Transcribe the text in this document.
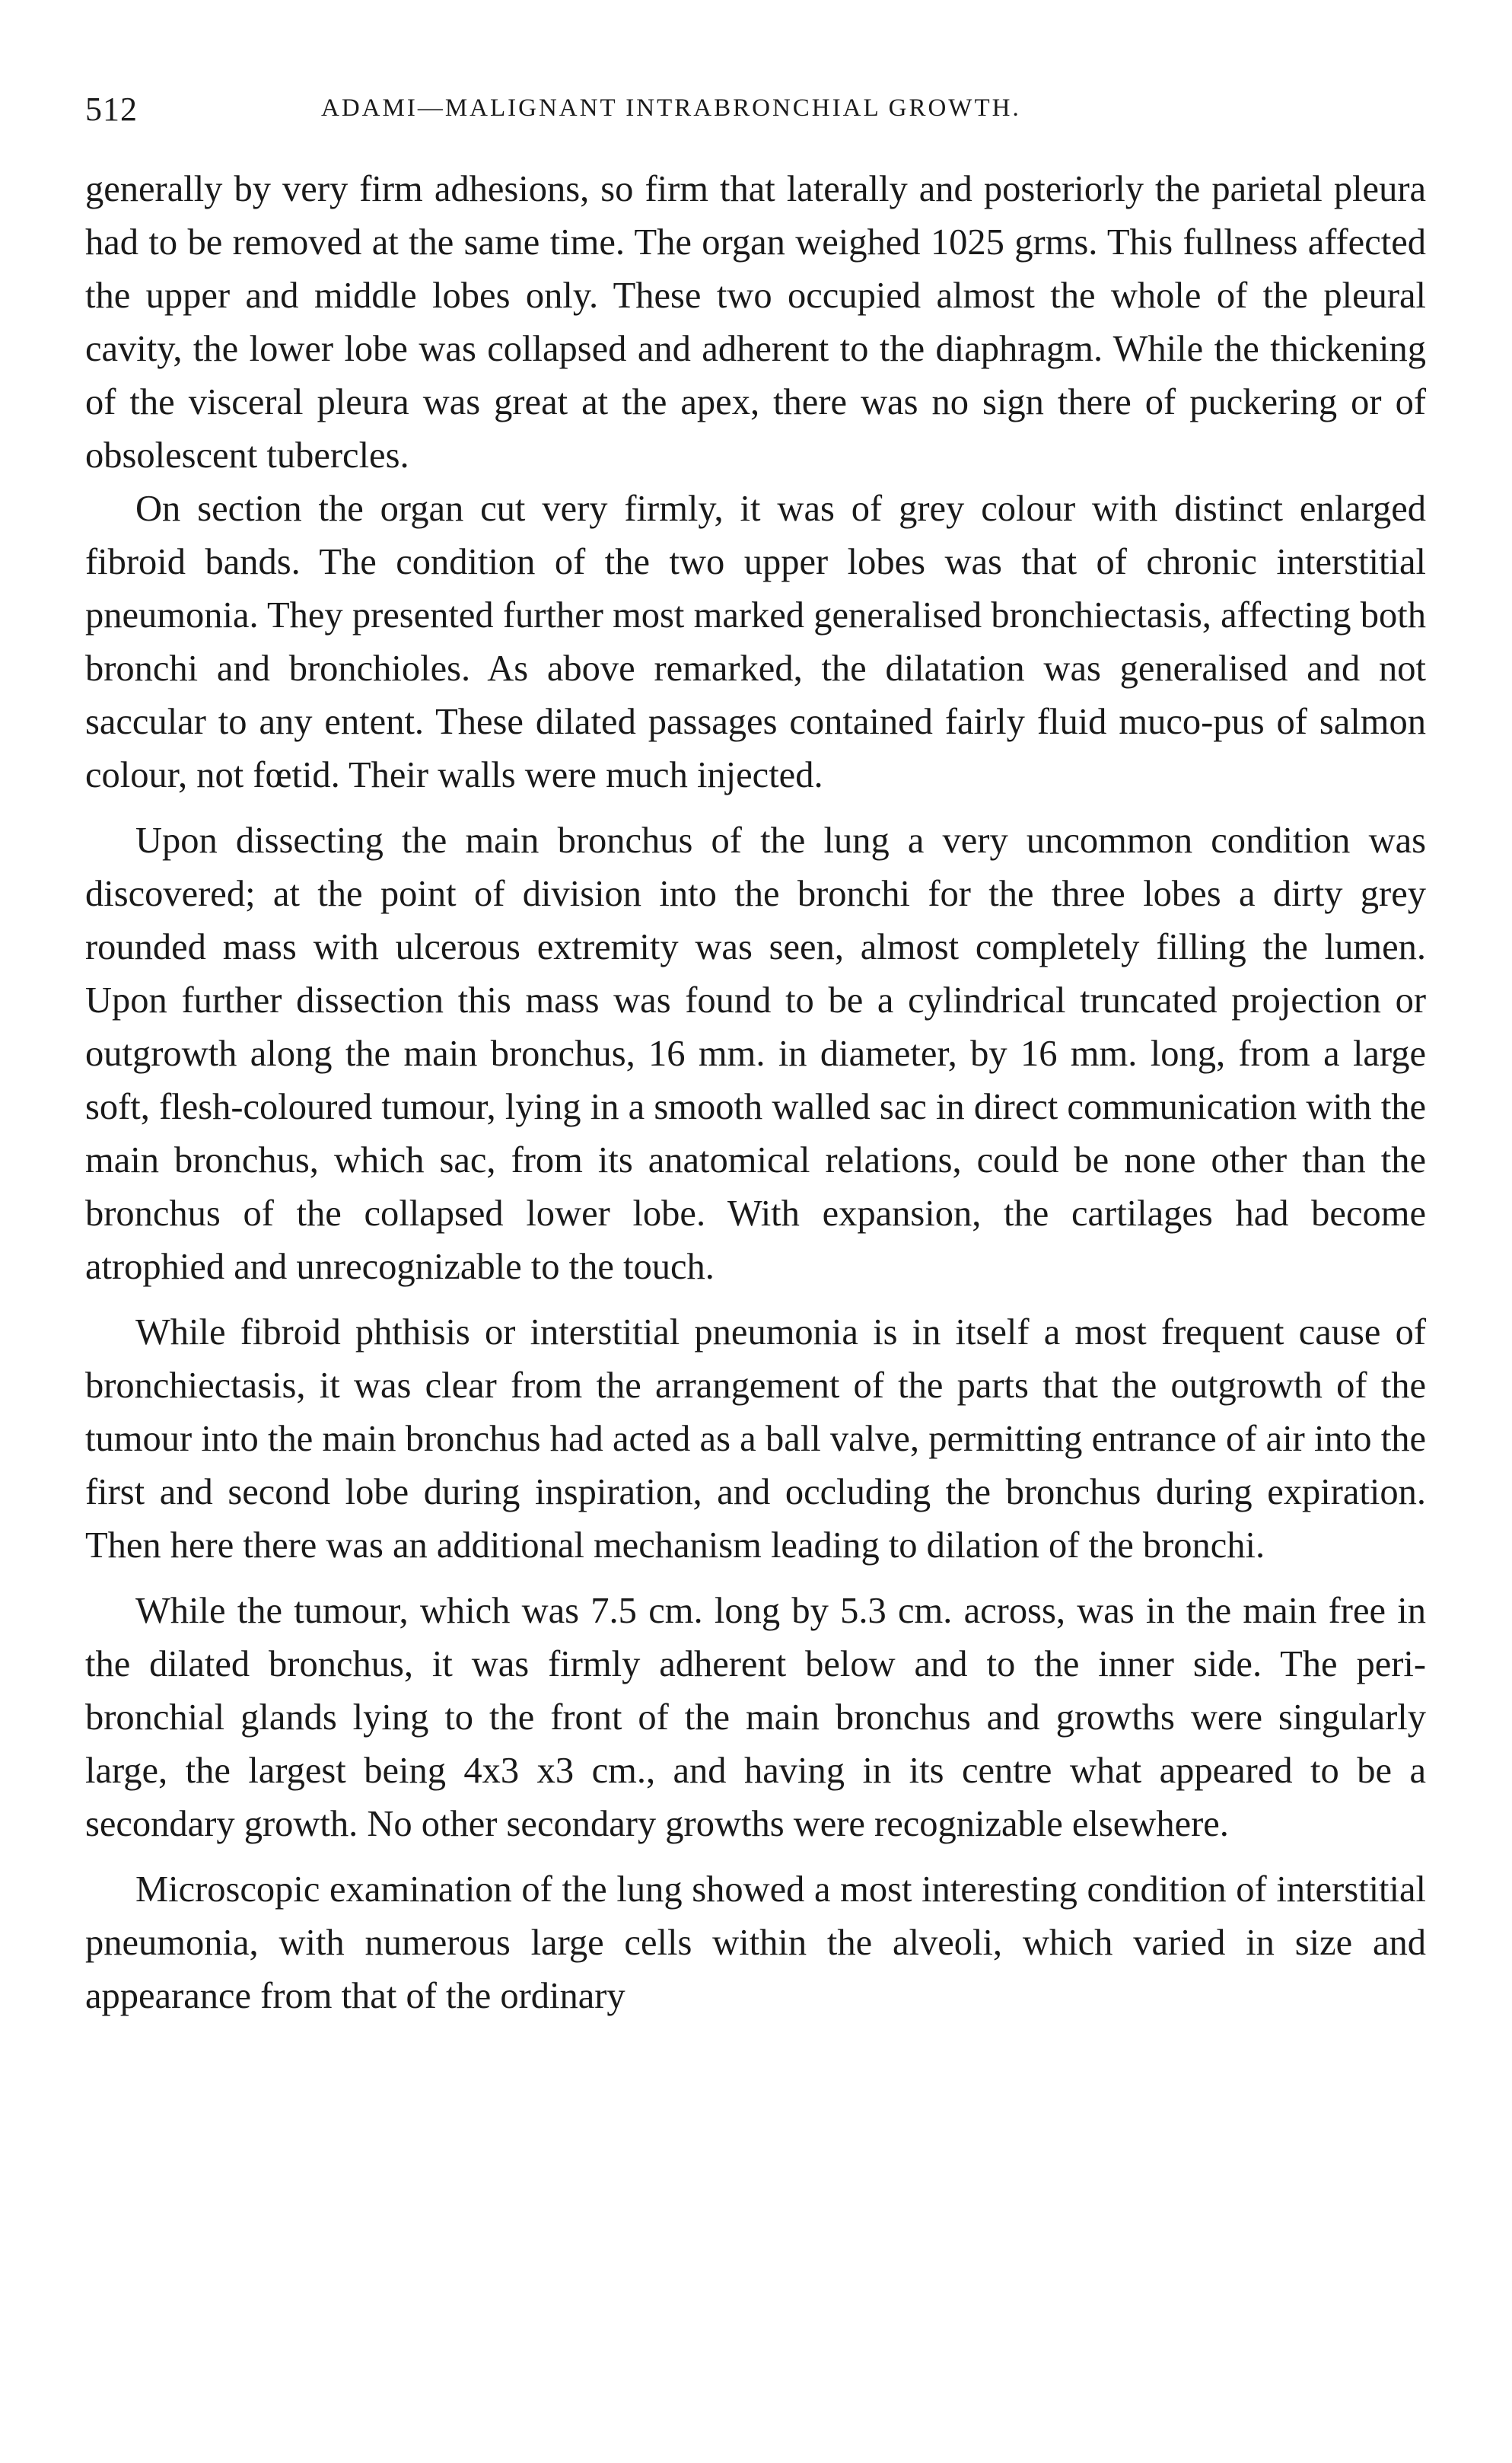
512	ADAMI—MALIGNANT INTRABRONCHIAL GROWTH.

generally by very firm adhesions, so firm that laterally and posteriorly the parietal pleura had to be removed at the same time. The organ weighed 1025 grms. This fullness affected the upper and middle lobes only. These two occupied almost the whole of the pleural cavity, the lower lobe was collapsed and adherent to the diaphragm. While the thickening of the visceral pleura was great at the apex, there was no sign there of puckering or of obsolescent tubercles.

On section the organ cut very firmly, it was of grey colour with distinct enlarged fibroid bands. The condition of the two upper lobes was that of chronic interstitial pneumonia. They presented further most marked generalised bronchiectasis, affecting both bronchi and bronchioles. As above remarked, the dilatation was generalised and not saccular to any entent. These dilated passages contained fairly fluid muco-pus of salmon colour, not fœtid. Their walls were much injected.

Upon dissecting the main bronchus of the lung a very uncommon condition was discovered; at the point of division into the bronchi for the three lobes a dirty grey rounded mass with ulcerous extremity was seen, almost completely filling the lumen. Upon further dissection this mass was found to be a cylindrical truncated projection or outgrowth along the main bronchus, 16 mm. in diameter, by 16 mm. long, from a large soft, flesh-coloured tumour, lying in a smooth walled sac in direct communication with the main bronchus, which sac, from its anatomical relations, could be none other than the bronchus of the collapsed lower lobe. With expansion, the cartilages had become atrophied and unrecognizable to the touch.

While fibroid phthisis or interstitial pneumonia is in itself a most frequent cause of bronchiectasis, it was clear from the arrangement of the parts that the outgrowth of the tumour into the main bronchus had acted as a ball valve, permitting entrance of air into the first and second lobe during inspiration, and occluding the bronchus during expiration. Then here there was an additional mechanism leading to dilation of the bronchi.

While the tumour, which was 7.5 cm. long by 5.3 cm. across, was in the main free in the dilated bronchus, it was firmly adherent below and to the inner side. The peri-bronchial glands lying to the front of the main bronchus and growths were singularly large, the largest being 4x3 x3 cm., and having in its centre what appeared to be a secondary growth. No other secondary growths were recognizable elsewhere.

Microscopic examination of the lung showed a most interesting condition of interstitial pneumonia, with numerous large cells within the alveoli, which varied in size and appearance from that of the ordinary
